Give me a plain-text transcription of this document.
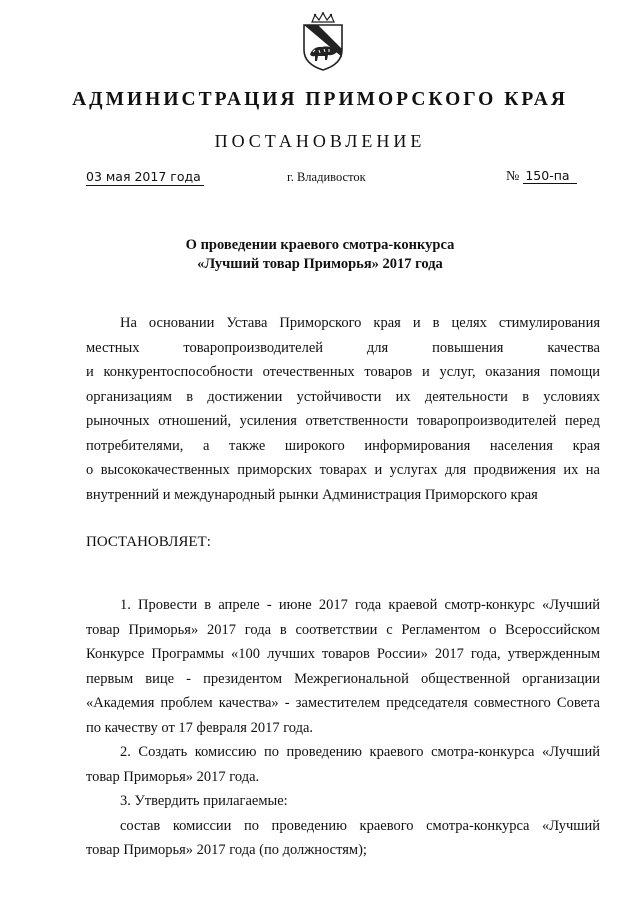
АДМИНИСТРАЦИЯ ПРИМОРСКОГО КРАЯ
ПОСТАНОВЛЕНИЕ
03 мая 2017 года	г. Владивосток	№ 150-па
О проведении краевого смотра-конкурса
«Лучший товар Приморья» 2017 года
На основании Устава Приморского края и в целях стимулирования
местных товаропроизводителей для повышения качества
и конкурентоспособности отечественных товаров и услуг, оказания помощи
организациям в достижении устойчивости их деятельности в условиях
рыночных отношений, усиления ответственности товаропроизводителей перед
потребителями, а также широкого информирования населения края
о высококачественных приморских товарах и услугах для продвижения их на
внутренний и международный рынки Администрация Приморского края
ПОСТАНОВЛЯЕТ:
1. Провести в апреле - июне 2017 года краевой смотр-конкурс «Лучший
товар Приморья» 2017 года в соответствии с Регламентом о Всероссийском
Конкурсе Программы «100 лучших товаров России» 2017 года, утвержденным
первым вице - президентом Межрегиональной общественной организации
«Академия проблем качества» - заместителем председателя совместного Совета
по качеству от 17 февраля 2017 года.
2. Создать комиссию по проведению краевого смотра-конкурса «Лучший
товар Приморья» 2017 года.
3. Утвердить прилагаемые:
состав комиссии по проведению краевого смотра-конкурса «Лучший
товар Приморья» 2017 года (по должностям);
